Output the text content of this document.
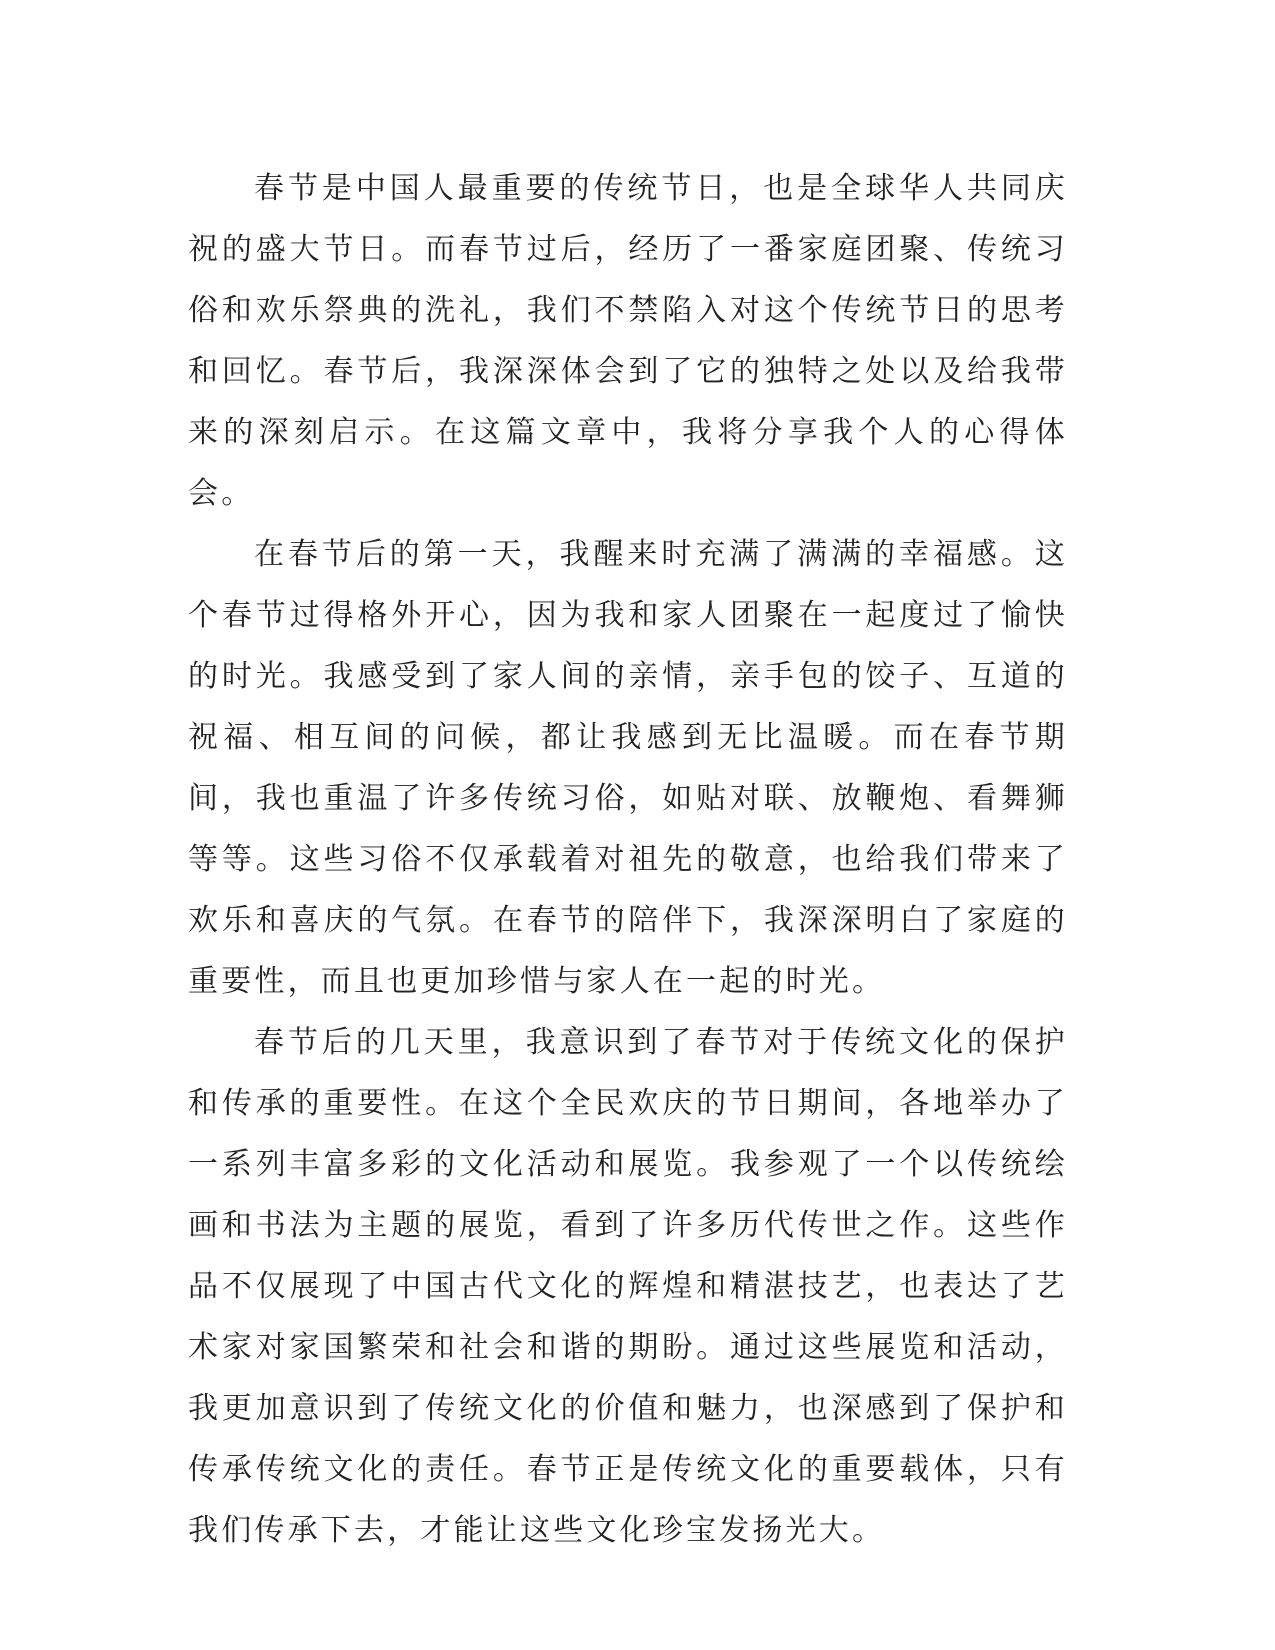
春节是中国人最重要的传统节日，也是全球华人共同庆祝的盛大节日。而春节过后，经历了一番家庭团聚、传统习俗和欢乐祭典的洗礼，我们不禁陷入对这个传统节日的思考和回忆。春节后，我深深体会到了它的独特之处以及给我带来的深刻启示。在这篇文章中，我将分享我个人的心得体会。

在春节后的第一天，我醒来时充满了满满的幸福感。这个春节过得格外开心，因为我和家人团聚在一起度过了愉快的时光。我感受到了家人间的亲情，亲手包的饺子、互道的祝福、相互间的问候，都让我感到无比温暖。而在春节期间，我也重温了许多传统习俗，如贴对联、放鞭炮、看舞狮等等。这些习俗不仅承载着对祖先的敬意，也给我们带来了欢乐和喜庆的气氛。在春节的陪伴下，我深深明白了家庭的重要性，而且也更加珍惜与家人在一起的时光。

春节后的几天里，我意识到了春节对于传统文化的保护和传承的重要性。在这个全民欢庆的节日期间，各地举办了一系列丰富多彩的文化活动和展览。我参观了一个以传统绘画和书法为主题的展览，看到了许多历代传世之作。这些作品不仅展现了中国古代文化的辉煌和精湛技艺，也表达了艺术家对家国繁荣和社会和谐的期盼。通过这些展览和活动，我更加意识到了传统文化的价值和魅力，也深感到了保护和传承传统文化的责任。春节正是传统文化的重要载体，只有我们传承下去，才能让这些文化珍宝发扬光大。
